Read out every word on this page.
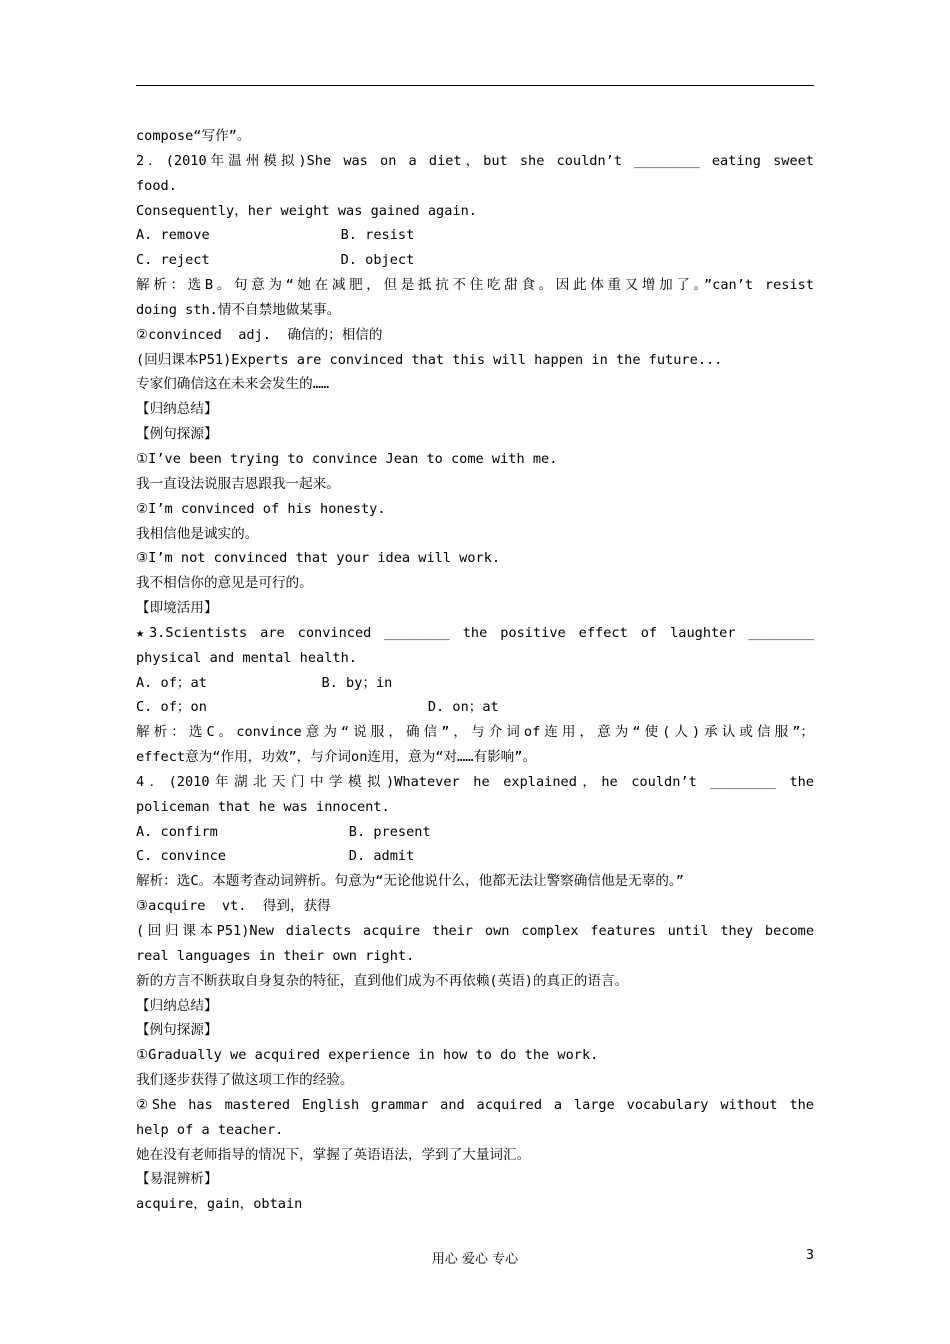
compose“写作”。
2．(2010年温州模拟)She was on a diet，but she couldn’t ________ eating sweet
food.
Consequently，her weight was gained again.
A. remove                B. resist
C. reject                D. object
解析：选B。句意为“她在减肥，但是抵抗不住吃甜食。因此体重又增加了。”can’t resist
doing sth.情不自禁地做某事。
②convinced  adj.  确信的；相信的
(回归课本P51)Experts are convinced that this will happen in the future...
专家们确信这在未来会发生的……
【归纳总结】
【例句探源】
①I’ve been trying to convince Jean to come with me.
我一直设法说服吉恩跟我一起来。
②I’m convinced of his honesty.
我相信他是诚实的。
③I’m not convinced that your idea will work.
我不相信你的意见是可行的。
【即境活用】
★3.Scientists are convinced ________ the positive effect of laughter ________
physical and mental health.
A. of；at              B. by；in
C. of；on                           D. on；at
解析：选C。convince意为“说服，确信”，与介词of连用，意为“使(人)承认或信服”；
effect意为“作用，功效”，与介词on连用，意为“对……有影响”。
4．(2010年湖北天门中学模拟)Whatever he explained，he couldn’t ________ the
policeman that he was innocent.
A. confirm                B. present
C. convince               D. admit
解析：选C。本题考查动词辨析。句意为“无论他说什么，他都无法让警察确信他是无辜的。”
③acquire  vt.  得到，获得
(回归课本P51)New dialects acquire their own complex features until they become
real languages in their own right.
新的方言不断获取自身复杂的特征，直到他们成为不再依赖(英语)的真正的语言。
【归纳总结】
【例句探源】
①Gradually we acquired experience in how to do the work.
我们逐步获得了做这项工作的经验。
②She has mastered English grammar and acquired a large vocabulary without the
help of a teacher.
她在没有老师指导的情况下，掌握了英语语法，学到了大量词汇。
【易混辨析】
acquire，gain，obtain
用心 爱心 专心	3
